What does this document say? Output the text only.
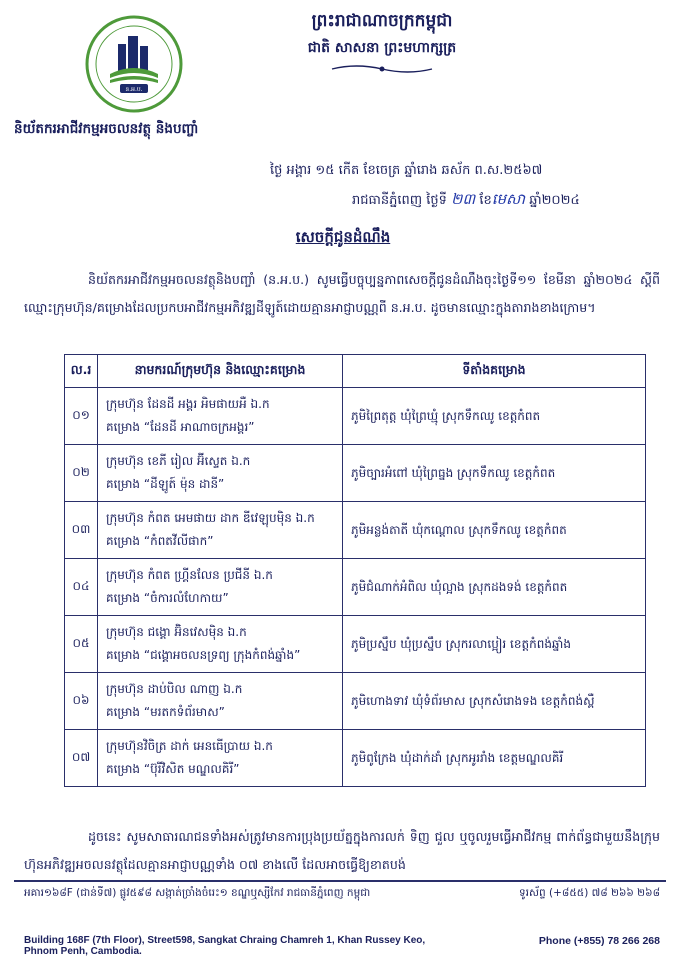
ន.អ.ប.
និយ័តករអាជីវកម្មអចលនវត្ថុ និងបញ្ចាំ
ព្រះរាជាណាចក្រកម្ពុជា
ជាតិ សាសនា ព្រះមហាក្សត្រ
ថ្ងៃ អង្គារ ១៥ កើត ខែចេត្រ ឆ្នាំរោង ឆស័ក ព.ស.២៥៦៧
រាជធានីភ្នំពេញ ថ្ងៃទី ២៣ ខែមេសា ឆ្នាំ២០២៤
សេចក្ដីជូនដំណឹង
និយ័តករអាជីវកម្មអចលនវត្ថុនិងបញ្ចាំ (ន.អ.ប.) សូមធ្វើបច្ចុប្បន្នភាពសេចក្ដីជូនដំណឹងចុះថ្ងៃទី១១ ខែមីនា ឆ្នាំ២០២៤ ស្ដីពីឈ្មោះក្រុមហ៊ុន/គម្រោងដែលប្រកបអាជីវកម្មអភិវឌ្ឍដីឡូត៍ដោយគ្មានអាជ្ញាបណ្ណពី ន.អ.ប. ដូចមានឈ្មោះក្នុងតារាងខាងក្រោម។
ល.រ	នាមករណ៍ក្រុមហ៊ុន និងឈ្មោះគម្រោង	ទីតាំងគម្រោង
០១	ក្រុមហ៊ុន ដែនដី អង្គរ អិមផាយអឺ ឯ.ក
គម្រោង “ដែនដី អាណាចក្រអង្គរ”	ភូមិព្រៃតុត្ដ ឃុំព្រៃឃ្មុំ ស្រុកទឹកឈូ ខេត្តកំពត
០២	ក្រុមហ៊ុន ខេភី រៀល អ៊ីស្ទេត ឯ.ក
គម្រោង “ដីឡូត៍ ម៉ុន ដានី”	ភូមិច្បារអំពៅ ឃុំព្រៃធ្នង ស្រុកទឹកឈូ ខេត្តកំពត
០៣	ក្រុមហ៊ុន កំពត អេមផាយ ដាក ឌីវេឡុបម៉ិន ឯ.ក
គម្រោង “កំពតវីលីផាក”	ភូមិអន្លង់តាតី ឃុំកណ្ដោល ស្រុកទឹកឈូ ខេត្តកំពត
០៤	ក្រុមហ៊ុន កំពត ហ្គ្រីនលែន ប្រជីនី ឯ.ក
គម្រោង “ចំការលំហែកាយ”	ភូមិជំណាក់អំពិល ឃុំល្អាង ស្រុកដងទង់ ខេត្តកំពត
០៥	ក្រុមហ៊ុន ជង្គោ អ៊ិនវេសម៉ិន ឯ.ក
គម្រោង “ជង្គោអចលនទ្រព្យ ក្រុងកំពង់ឆ្នាំង”	ភូមិប្រស្នឹប ឃុំប្រស្នឹប ស្រុករលាប្អៀរ ខេត្តកំពង់ឆ្នាំង
០៦	ក្រុមហ៊ុន ដាប់បិល ណាញ ឯ.ក
គម្រោង “មរតកទំព័រមាស”	ភូមិហោងទាវ ឃុំទំព័រមាស ស្រុកសំរោងទង ខេត្តកំពង់ស្ពឺ
០៧	ក្រុមហ៊ុនវិចិត្រ ដាក់ អេនធើប្រាយ ឯ.ក
គម្រោង “ប៊ុរីវិសិត មណ្ឌលគិរី”	ភូមិពូក្រែង ឃុំដាក់ដាំ ស្រុកអូររាំង ខេត្តមណ្ឌលគិរី
ដូចនេះ សូមសាធារណជនទាំងអស់ត្រូវមានការប្រុងប្រយ័ត្នក្នុងការលក់ ទិញ ជួល ឬចូលរួមធ្វើអាជីវកម្ម ពាក់ព័ន្ធជាមួយនឹងក្រុមហ៊ុនអភិវឌ្ឍអចលនវត្ថុដែលគ្មានអាជ្ញាបណ្ណទាំង ០៧ ខាងលើ ដែលអាចធ្វើឱ្យខាតបង់
អគារ១៦៨F (ជាន់ទី៧) ផ្លូវ៥៩៨ សង្កាត់ច្រាំងចំរេះ១ ខណ្ឌឬស្សីកែវ រាជធានីភ្នំពេញ កម្ពុជា
Building 168F (7th Floor), Street598, Sangkat Chraing Chamreh 1, Khan Russey Keo, Phnom Penh, Cambodia.
ទូរស័ព្ទ (+៨៥៥) ៧៨ ២៦៦ ២៦៨
Phone (+855) 78 266 268
